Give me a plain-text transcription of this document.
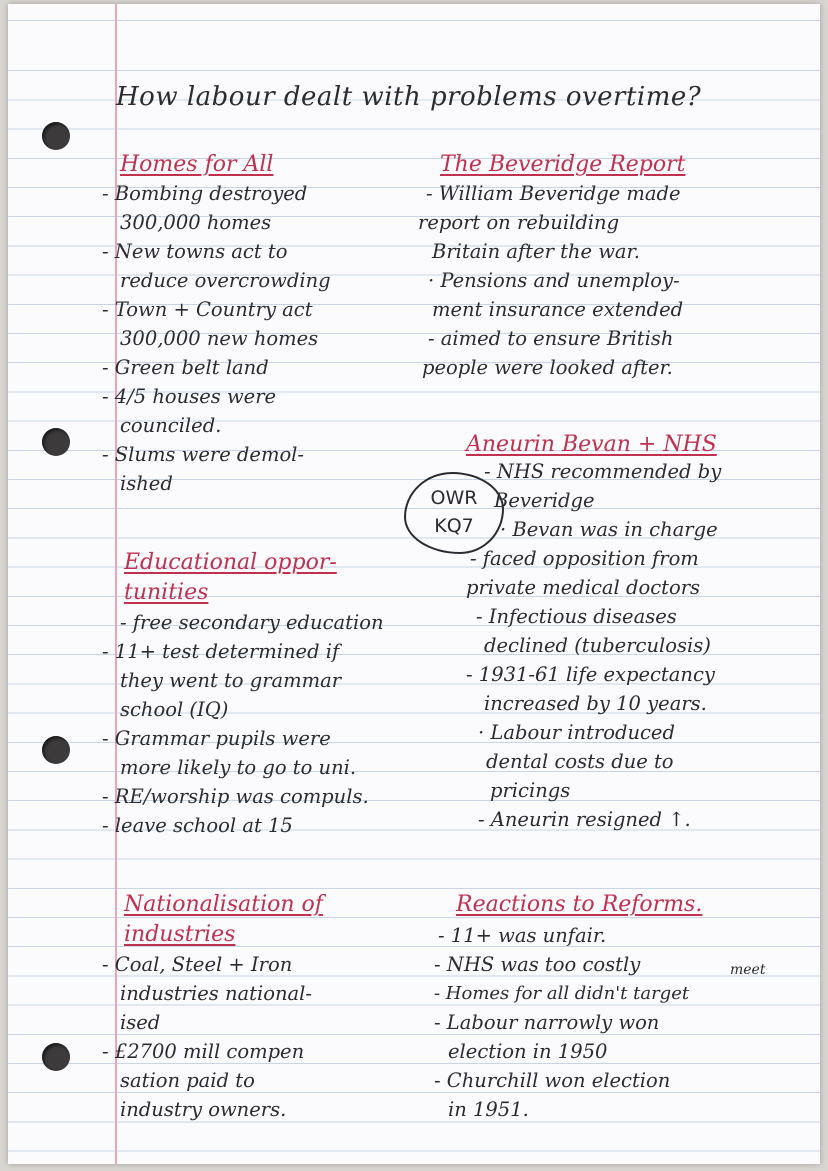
How labour dealt with problems overtime?
Homes for All
- Bombing destroyed
300,000 homes
- New towns act to
reduce overcrowding
- Town + Country act
300,000 new homes
- Green belt land
- 4/5 houses were
counciled.
- Slums were demol-
ished
The Beveridge Report
- William Beveridge made
report on rebuilding
Britain after the war.
· Pensions and unemploy-
ment insurance extended
- aimed to ensure British
people were looked after.
Aneurin Bevan + NHS
- NHS recommended by
Beveridge
· Bevan was in charge
- faced opposition from
private medical doctors
- Infectious diseases
declined (tuberculosis)
- 1931-61 life expectancy
increased by 10 years.
· Labour introduced
dental costs due to
pricings
- Aneurin resigned ↑.
OWR
KQ7
Educational oppor-
tunities
- free secondary education
- 11+ test determined if
they went to grammar
school (IQ)
- Grammar pupils were
more likely to go to uni.
- RE/worship was compuls.
- leave school at 15
Nationalisation of
industries
- Coal, Steel + Iron
industries national-
ised
- £2700 mill compen
sation paid to
industry owners.
Reactions to Reforms.
- 11+ was unfair.
- NHS was too costly	meet
- Homes for all didn't target
- Labour narrowly won
election in 1950
- Churchill won election
in 1951.
